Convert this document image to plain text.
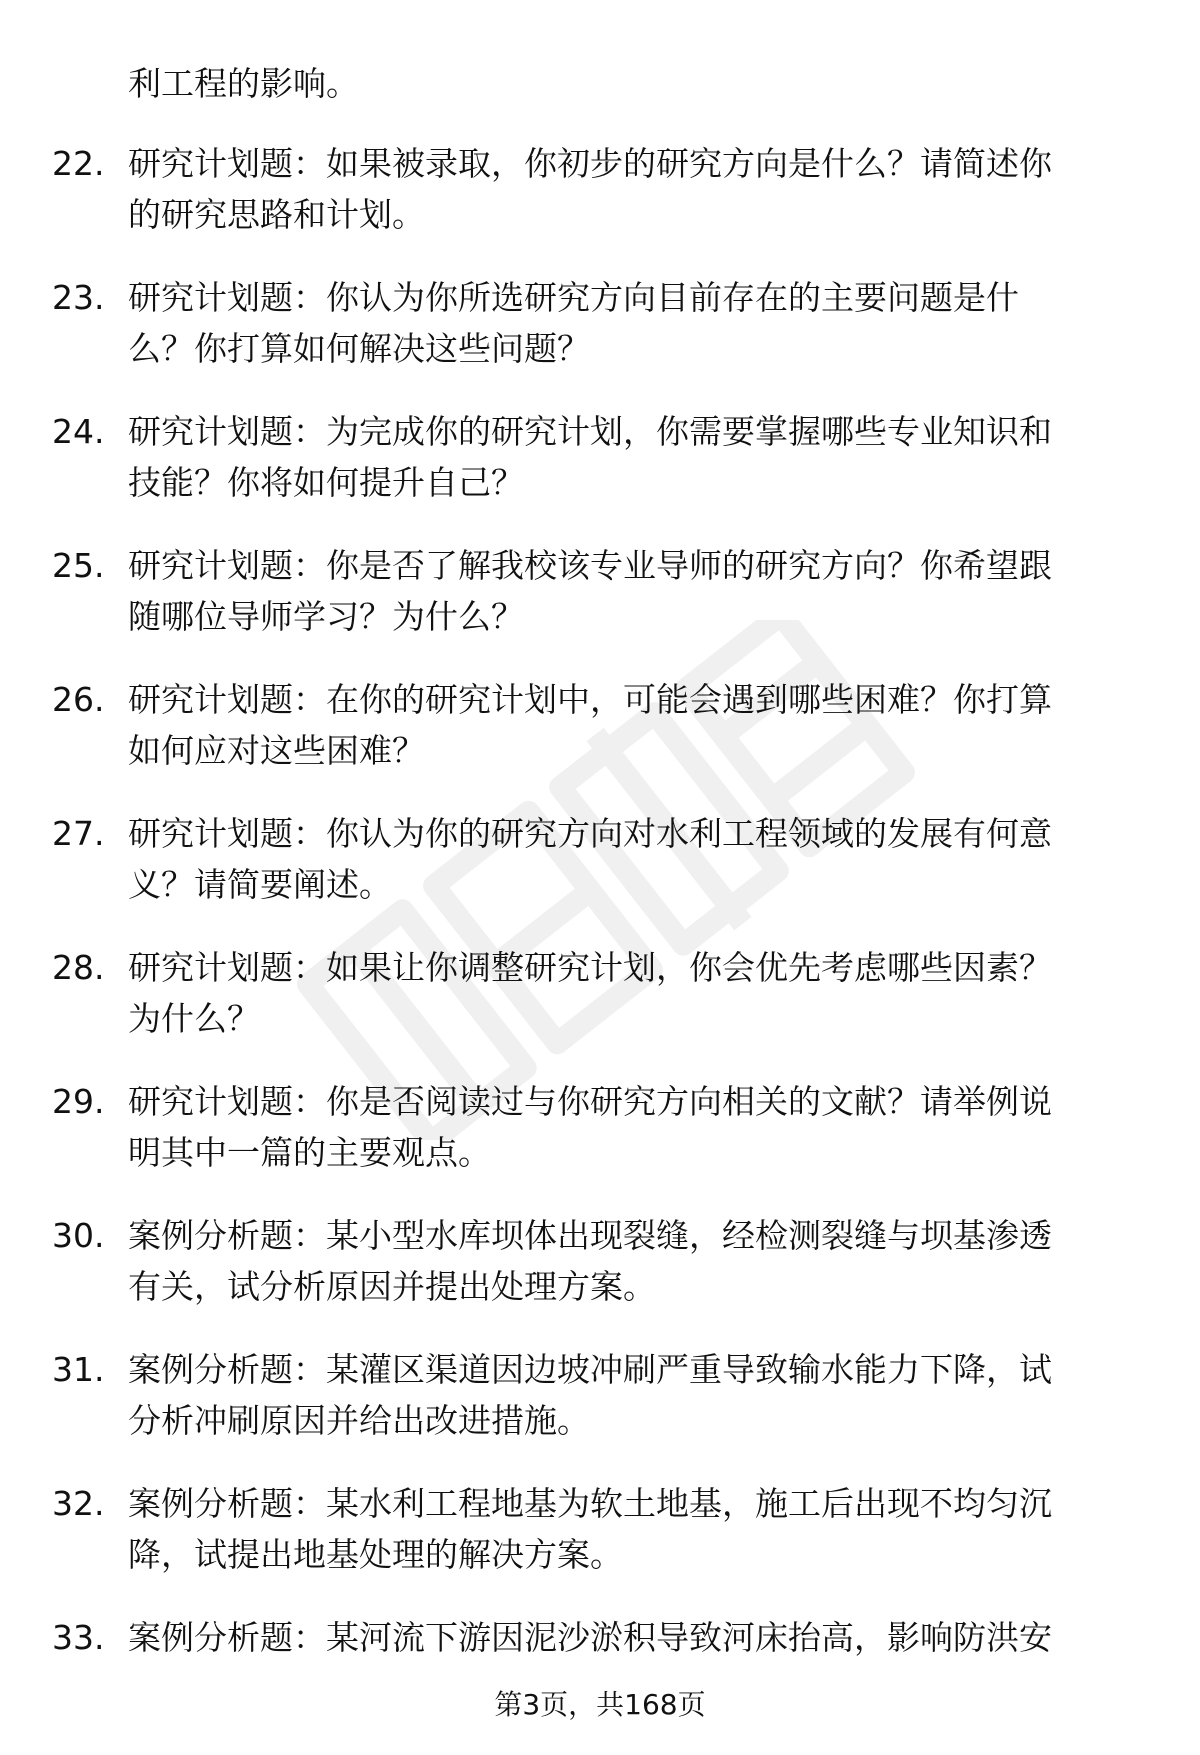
利工程的影响。
22. 研究计划题：如果被录取，你初步的研究方向是什么？请简述你
的研究思路和计划。
23. 研究计划题：你认为你所选研究方向目前存在的主要问题是什
么？你打算如何解决这些问题？
24. 研究计划题：为完成你的研究计划，你需要掌握哪些专业知识和
技能？你将如何提升自己？
25. 研究计划题：你是否了解我校该专业导师的研究方向？你希望跟
随哪位导师学习？为什么？
26. 研究计划题：在你的研究计划中，可能会遇到哪些困难？你打算
如何应对这些困难？
27. 研究计划题：你认为你的研究方向对水利工程领域的发展有何意
义？请简要阐述。
28. 研究计划题：如果让你调整研究计划，你会优先考虑哪些因素？
为什么？
29. 研究计划题：你是否阅读过与你研究方向相关的文献？请举例说
明其中一篇的主要观点。
30. 案例分析题：某小型水库坝体出现裂缝，经检测裂缝与坝基渗透
有关，试分析原因并提出处理方案。
31. 案例分析题：某灌区渠道因边坡冲刷严重导致输水能力下降，试
分析冲刷原因并给出改进措施。
32. 案例分析题：某水利工程地基为软土地基，施工后出现不均匀沉
降，试提出地基处理的解决方案。
33. 案例分析题：某河流下游因泥沙淤积导致河床抬高，影响防洪安
第3页，共168页
